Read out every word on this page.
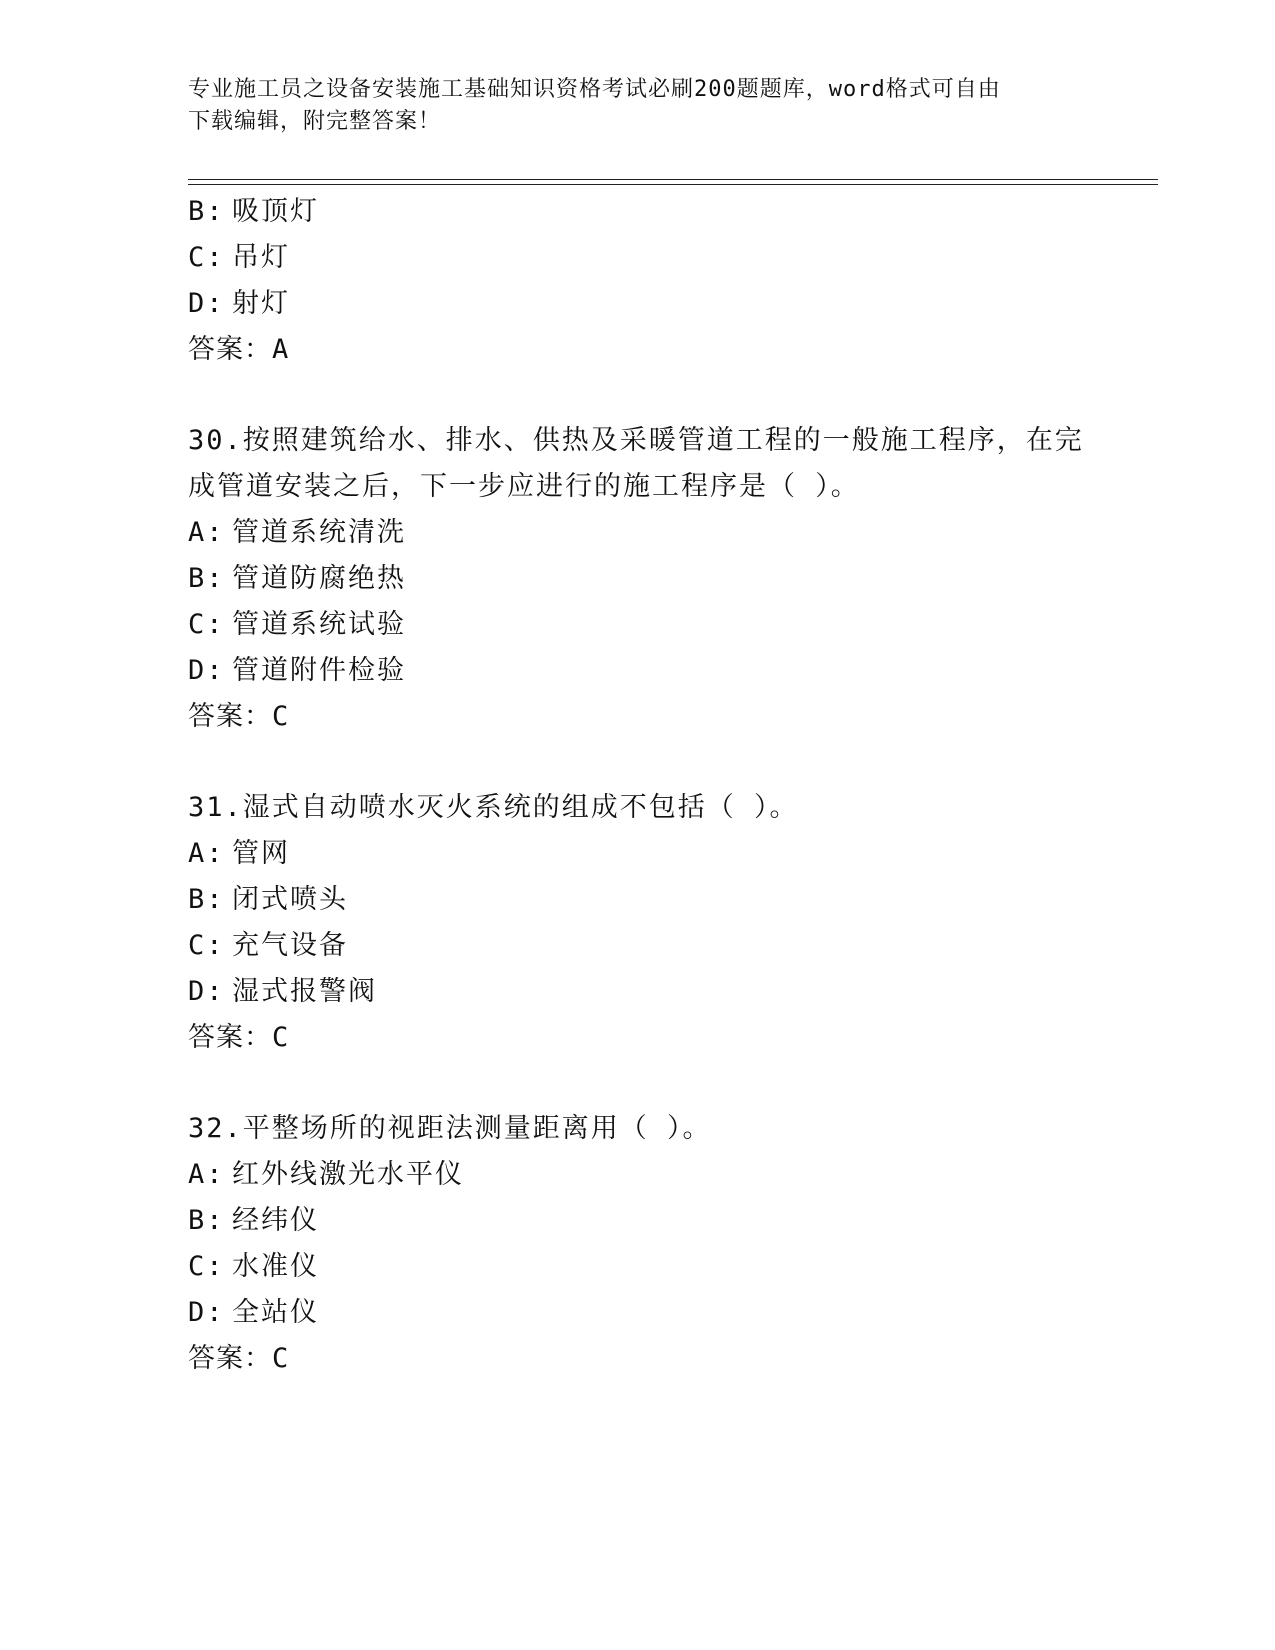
专业施工员之设备安装施工基础知识资格考试必刷200题题库，word格式可自由
下载编辑，附完整答案！
B: 吸顶灯
C: 吊灯
D: 射灯
答案：A
30.按照建筑给水、排水、供热及采暖管道工程的一般施工程序，在完
成管道安装之后，下一步应进行的施工程序是（ ）。
A: 管道系统清洗
B: 管道防腐绝热
C: 管道系统试验
D: 管道附件检验
答案：C
31.湿式自动喷水灭火系统的组成不包括（ ）。
A: 管网
B: 闭式喷头
C: 充气设备
D: 湿式报警阀
答案：C
32.平整场所的视距法测量距离用（ ）。
A: 红外线激光水平仪
B: 经纬仪
C: 水准仪
D: 全站仪
答案：C
